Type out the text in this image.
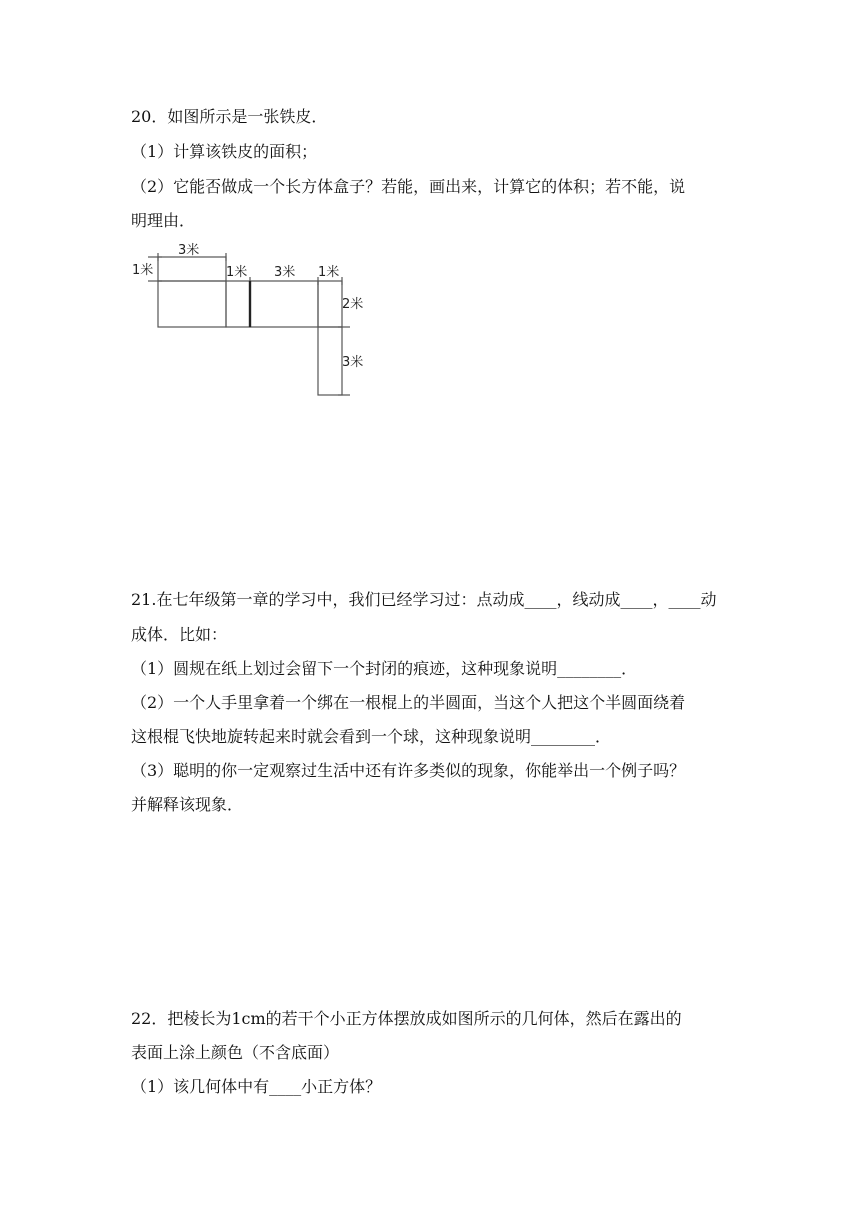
20．如图所示是一张铁皮．
（1）计算该铁皮的面积；
（2）它能否做成一个长方体盒子？若能，画出来，计算它的体积；若不能，说
明理由．
3米
1米	1米 3米 1米
2米
3米
21.在七年级第一章的学习中，我们已经学习过：点动成____，线动成____，____动
成体．比如：
（1）圆规在纸上划过会留下一个封闭的痕迹，这种现象说明________．
（2）一个人手里拿着一个绑在一根棍上的半圆面，当这个人把这个半圆面绕着
这根棍飞快地旋转起来时就会看到一个球，这种现象说明________．
（3）聪明的你一定观察过生活中还有许多类似的现象，你能举出一个例子吗？
并解释该现象．
22．把棱长为1cm的若干个小正方体摆放成如图所示的几何体，然后在露出的
表面上涂上颜色（不含底面）
（1）该几何体中有____小正方体？
